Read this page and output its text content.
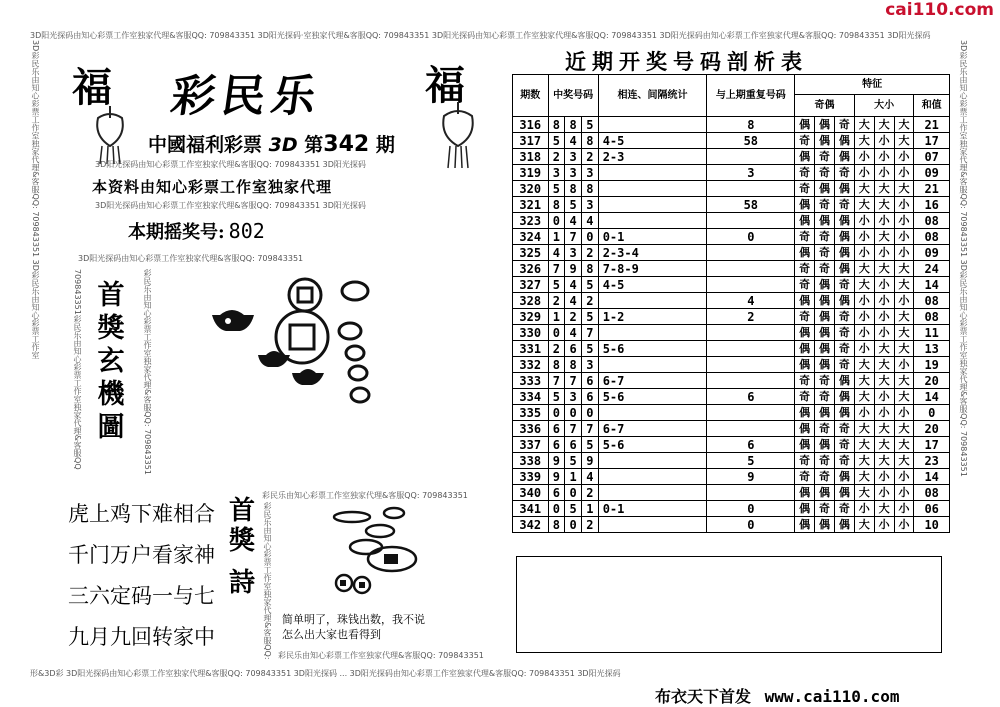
cai110.com
3D阳光探码由知心彩票工作室独家代理&客服QQ: 709843351 3D阳光探码·室独家代理&客服QQ: 709843351 3D阳光探码由知心彩票工作室独家代理&客服QQ: 709843351 3D阳光探码由知心彩票工作室独家代理&客服QQ: 709843351 3D阳光探码
形&3D彩 3D阳光探码由知心彩票工作室独家代理&客服QQ: 709843351 3D阳光探码 ... 3D阳光探码由知心彩票工作室独家代理&客服QQ: 709843351 3D阳光探码
3D彩民乐由知心彩票工作室独家代理&客服QQ: 709843351 3D彩民乐由知心彩票工作室	3D彩民乐由知心彩票工作室独家代理&客服QQ: 709843351 3D彩民乐由知心彩票工作室独家代理&客服QQ: 709843351
福 彩民乐	福
中國福利彩票 3D 第342 期
3D阳光探码由知心彩票工作室独家代理&客服QQ: 709843351 3D阳光探码
本资料由知心彩票工作室独家代理
3D阳光探码由知心彩票工作室独家代理&客服QQ: 709843351 3D阳光探码
本期摇奖号: 802
3D阳光探码由知心彩票工作室独家代理&客服QQ: 709843351
709843351彩民乐由知心彩票工作室独家代理&客服QQ	彩民乐由知心彩票工作室独家代理&客服QQ: 709843351
首
獎
玄
機
圖
虎上鸡下难相合
千门万户看家神
三六定码一与七
九月九回转家中
首
獎
詩
彩民乐由知心彩票工作室独家代理&客服QQ: 709843351
彩民乐由知心彩票工作室独家代理&客服QQ: 彩民乐由知心彩票工作室独家代理&客服QQ: 709843351
简单明了，珠钱出数，我不说
怎么出大家也看得到
近期开奖号码剖析表
期数	中奖号码			相连、间隔统计	与上期重复号码	特征						
						奇偶			大小			和值
316	8	8	5		8	偶	偶	奇	大	大	大	21
317	5	4	8	4-5	58	奇	偶	偶	大	小	大	17
318	2	3	2	2-3		偶	奇	偶	小	小	小	07
319	3	3	3		3	奇	奇	奇	小	小	小	09
320	5	8	8			奇	偶	偶	大	大	大	21
321	8	5	3		58	偶	奇	奇	大	大	小	16
323	0	4	4			偶	偶	偶	小	小	小	08
324	1	7	0	0-1	0	奇	奇	偶	小	大	小	08
325	4	3	2	2-3-4		偶	奇	偶	小	小	小	09
326	7	9	8	7-8-9		奇	奇	偶	大	大	大	24
327	5	4	5	4-5		奇	偶	奇	大	小	大	14
328	2	4	2		4	偶	偶	偶	小	小	小	08
329	1	2	5	1-2	2	奇	偶	奇	小	小	大	08
330	0	4	7			偶	偶	奇	小	小	大	11
331	2	6	5	5-6		偶	偶	奇	小	大	大	13
332	8	8	3			偶	偶	奇	大	大	小	19
333	7	7	6	6-7		奇	奇	偶	大	大	大	20
334	5	3	6	5-6	6	奇	奇	偶	大	小	大	14
335	0	0	0			偶	偶	偶	小	小	小	0
336	6	7	7	6-7		偶	奇	奇	大	大	大	20
337	6	6	5	5-6	6	偶	偶	奇	大	大	大	17
338	9	5	9		5	奇	奇	奇	大	大	大	23
339	9	1	4		9	奇	奇	偶	大	小	小	14
340	6	0	2			偶	偶	偶	大	小	小	08
341	0	5	1	0-1	0	偶	奇	奇	小	大	小	06
342	8	0	2		0	偶	偶	偶	大	小	小	10
布衣天下首发 www.cai110.com
